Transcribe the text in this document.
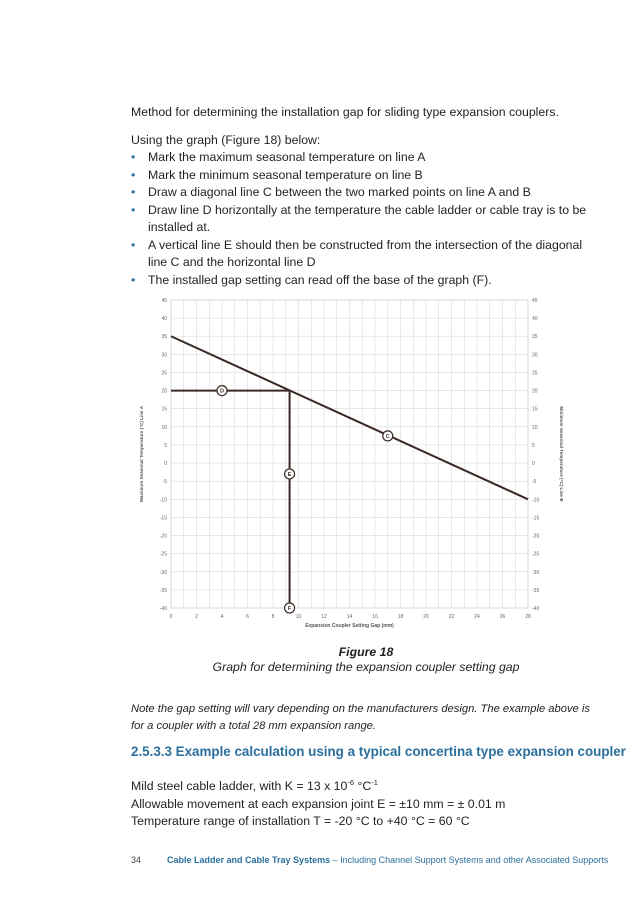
Method for determining the installation gap for sliding type expansion couplers.

Using the graph (Figure 18) below:
• Mark the maximum seasonal temperature on line A
• Mark the minimum seasonal temperature on line B
• Draw a diagonal line C between the two marked points on line A and B
• Draw line D horizontally at the temperature the cable ladder or cable tray is to be installed at.
• A vertical line E should then be constructed from the intersection of the diagonal line C and the horizontal line D
• The installed gap setting can read off the base of the graph (F).
-40	-40
-35	-35
-30	-30
-25	-25
-20	-20
-15	-15
-10	-10
-5	-5
0	0
5	5
10	10
15	15
20	20
25	25
30	30
35	35
40	40
45	45
0	2	4	6	8	10	12	14	16	18	20	22	24	26	28
Expansion Coupler Setting Gap (mm)
Maximum Seasonal Temperature (°C) Line A	Minimum Seasonal Temperature (°C) Line B
D
C
E
F
Figure 18
Graph for determining the expansion coupler setting gap
Note the gap setting will vary depending on the manufacturers design. The example above is for a coupler with a total 28 mm expansion range.
2.5.3.3 Example calculation using a typical concertina type expansion coupler
Mild steel cable ladder, with K = 13 x $10^{-6}$ $^\circ C^{-1}$
Allowable movement at each expansion joint E = ±10 mm = ± 0.01 m
Temperature range of installation T = -20 °C to +40 °C = 60 °C
34	Cable Ladder and Cable Tray Systems – Including Channel Support Systems and other Associated Supports
